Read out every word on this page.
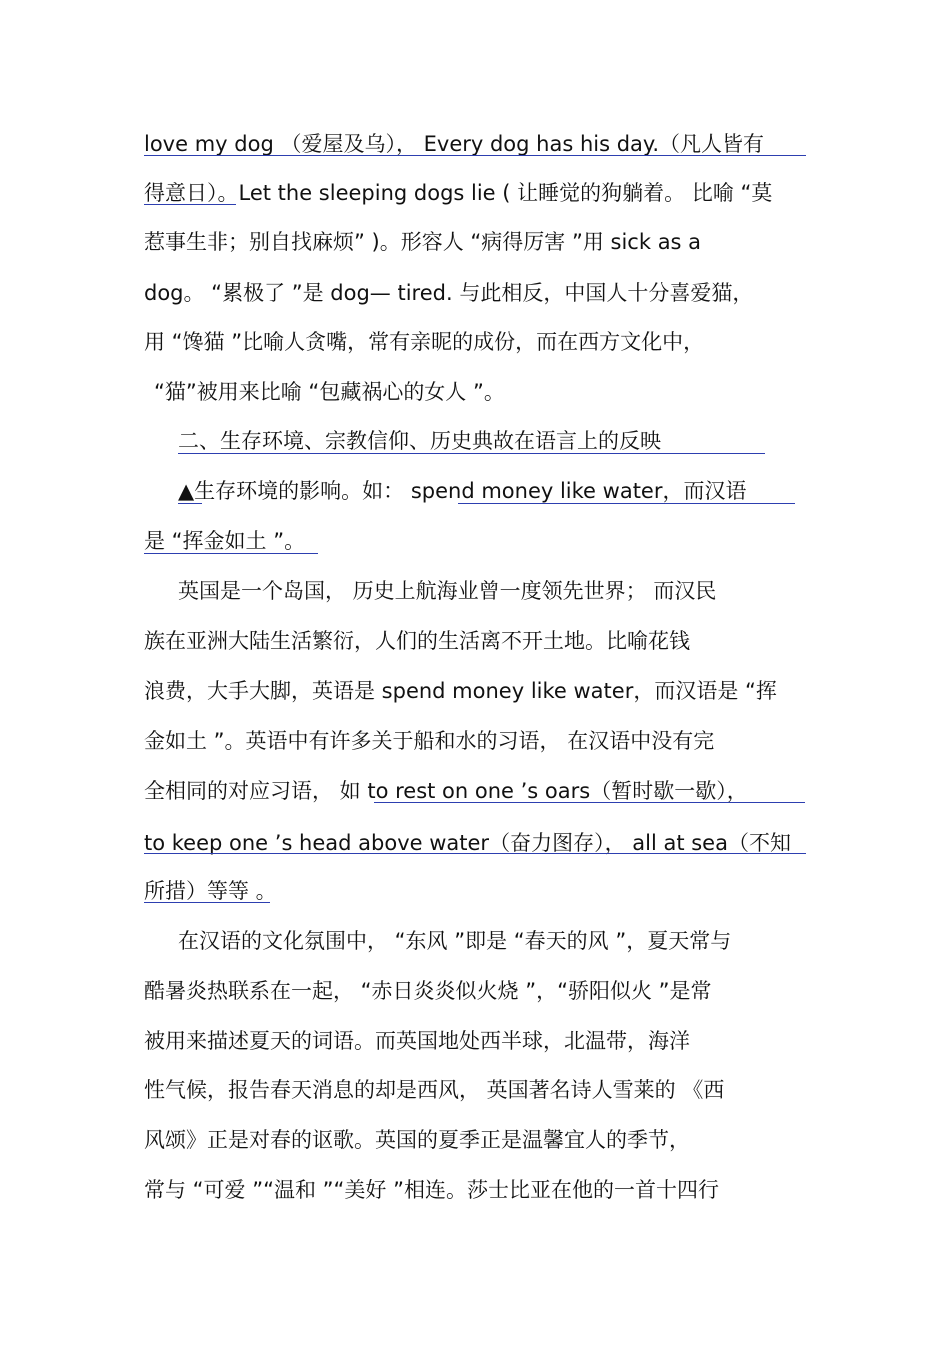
love my dog （爱屋及乌）， Every dog has his day.（凡人皆有
得意日）。Let the sleeping dogs lie ( 让睡觉的狗躺着。 比喻 “莫
惹事生非；别自找麻烦” )。形容人 “病得厉害 ”用 sick as a
dog。 “累极了 ”是 dog— tired. 与此相反，中国人十分喜爱猫，
用 “馋猫 ”比喻人贪嘴，常有亲昵的成份，而在西方文化中，
“猫”被用来比喻 “包藏祸心的女人 ”。
二、生存环境、宗教信仰、历史典故在语言上的反映
▲生存环境的影响。如： spend money like water，而汉语
是 “挥金如土 ”。
英国是一个岛国， 历史上航海业曾一度领先世界； 而汉民
族在亚洲大陆生活繁衍，人们的生活离不开土地。比喻花钱
浪费，大手大脚，英语是 spend money like water，而汉语是 “挥
金如土 ”。英语中有许多关于船和水的习语， 在汉语中没有完
全相同的对应习语， 如 to rest on one ’s oars（暂时歇一歇），
to keep one ’s head above water（奋力图存）， all at sea（不知
所措）等等 。
在汉语的文化氛围中， “东风 ”即是 “春天的风 ”，夏天常与
酷暑炎热联系在一起， “赤日炎炎似火烧 ”，“骄阳似火 ”是常
被用来描述夏天的词语。而英国地处西半球，北温带，海洋
性气候，报告春天消息的却是西风， 英国著名诗人雪莱的 《西
风颂》正是对春的讴歌。英国的夏季正是温馨宜人的季节，
常与 “可爱 ”“温和 ”“美好 ”相连。莎士比亚在他的一首十四行
